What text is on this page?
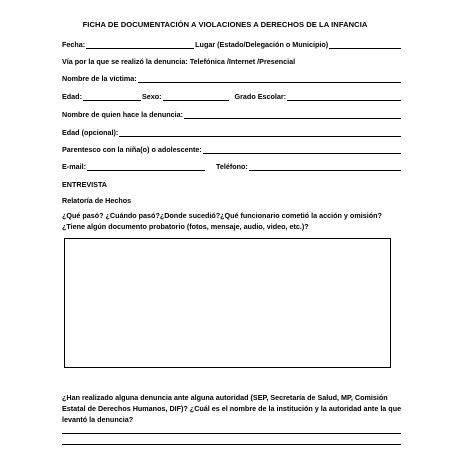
FICHA DE DOCUMENTACIÓN A VIOLACIONES A DERECHOS DE LA INFANCIA
Fecha:	Lugar (Estado/Delegación o Municipio)
Vía por la que se realizó la denuncia: Telefónica /Internet /Presencial
Nombre de la víctima:
Edad:	Sexo:	Grado Escolar:
Nombre de quien hace la denuncia:
Edad (opcional):
Parentesco con la niña(o) o adolescente:
E-mail:	Teléfono:
ENTREVISTA
Relatoría de Hechos
¿Qué pasó? ¿Cuándo pasó?¿Donde sucedió?¿Qué funcionario cometió la acción y omisión?¿Tiene algún documento probatorio (fotos, mensaje, audio, video, etc.)?
¿Han realizado alguna denuncia ante alguna autoridad (SEP, Secretaría de Salud, MP, Comisión Estatal de Derechos Humanos, DIF)? ¿Cuál es el nombre de la institución y la autoridad ante la que levantó la denuncia?
